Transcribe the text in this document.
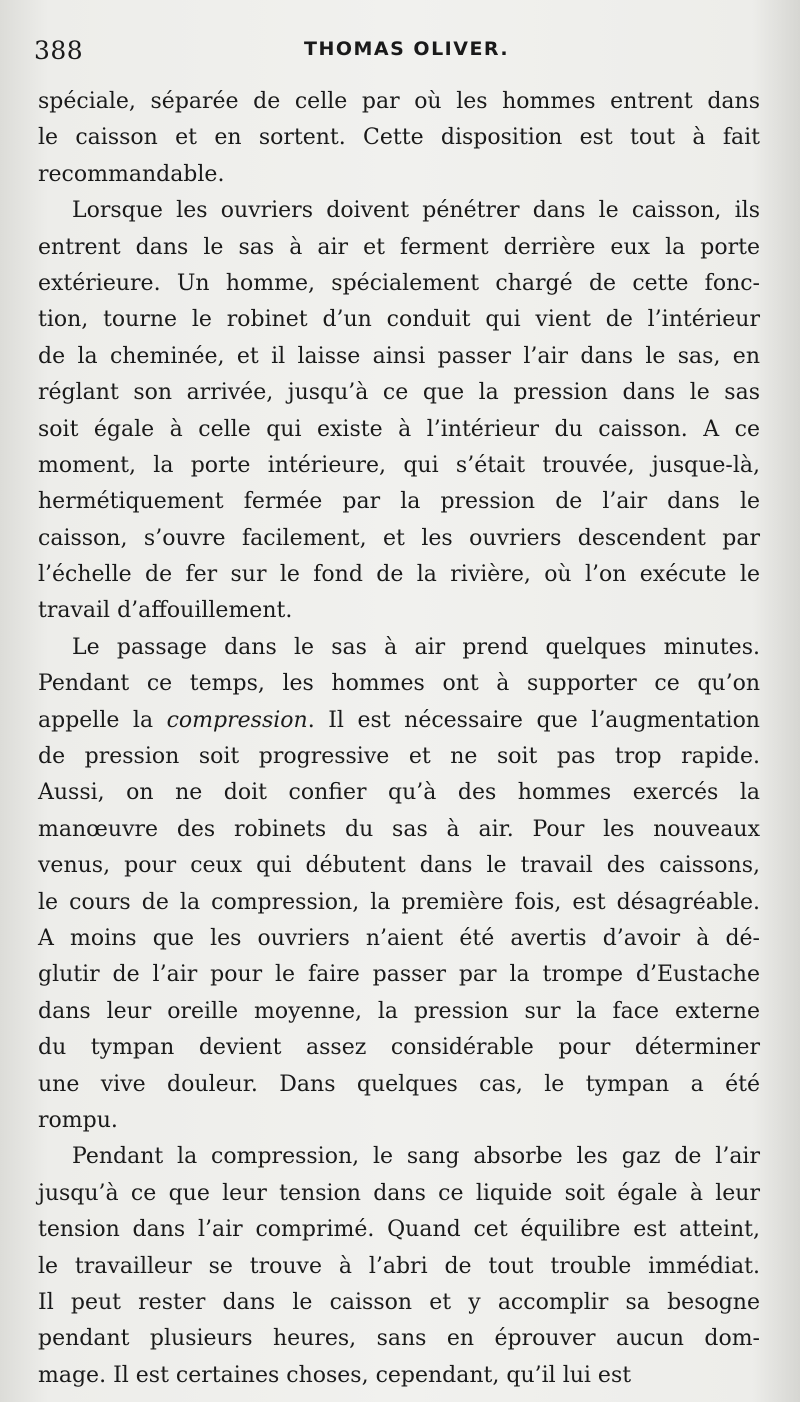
388	THOMAS OLIVER.
spéciale, séparée de celle par où les hommes entrent dans
le caisson et en sortent. Cette disposition est tout à fait
recommandable.
Lorsque les ouvriers doivent pénétrer dans le caisson, ils
entrent dans le sas à air et ferment derrière eux la porte
extérieure. Un homme, spécialement chargé de cette fonc-
tion, tourne le robinet d’un conduit qui vient de l’intérieur
de la cheminée, et il laisse ainsi passer l’air dans le sas, en
réglant son arrivée, jusqu’à ce que la pression dans le sas
soit égale à celle qui existe à l’intérieur du caisson. A ce
moment, la porte intérieure, qui s’était trouvée, jusque-là,
hermétiquement fermée par la pression de l’air dans le
caisson, s’ouvre facilement, et les ouvriers descendent par
l’échelle de fer sur le fond de la rivière, où l’on exécute le
travail d’affouillement.
Le passage dans le sas à air prend quelques minutes.
Pendant ce temps, les hommes ont à supporter ce qu’on
appelle la compression. Il est nécessaire que l’augmentation
de pression soit progressive et ne soit pas trop rapide.
Aussi, on ne doit confier qu’à des hommes exercés la
manœuvre des robinets du sas à air. Pour les nouveaux
venus, pour ceux qui débutent dans le travail des caissons,
le cours de la compression, la première fois, est désagréable.
A moins que les ouvriers n’aient été avertis d’avoir à dé-
glutir de l’air pour le faire passer par la trompe d’Eustache
dans leur oreille moyenne, la pression sur la face externe
du tympan devient assez considérable pour déterminer
une vive douleur. Dans quelques cas, le tympan a été
rompu.
Pendant la compression, le sang absorbe les gaz de l’air
jusqu’à ce que leur tension dans ce liquide soit égale à leur
tension dans l’air comprimé. Quand cet équilibre est atteint,
le travailleur se trouve à l’abri de tout trouble immédiat.
Il peut rester dans le caisson et y accomplir sa besogne
pendant plusieurs heures, sans en éprouver aucun dom-
mage. Il est certaines choses, cependant, qu’il lui est
